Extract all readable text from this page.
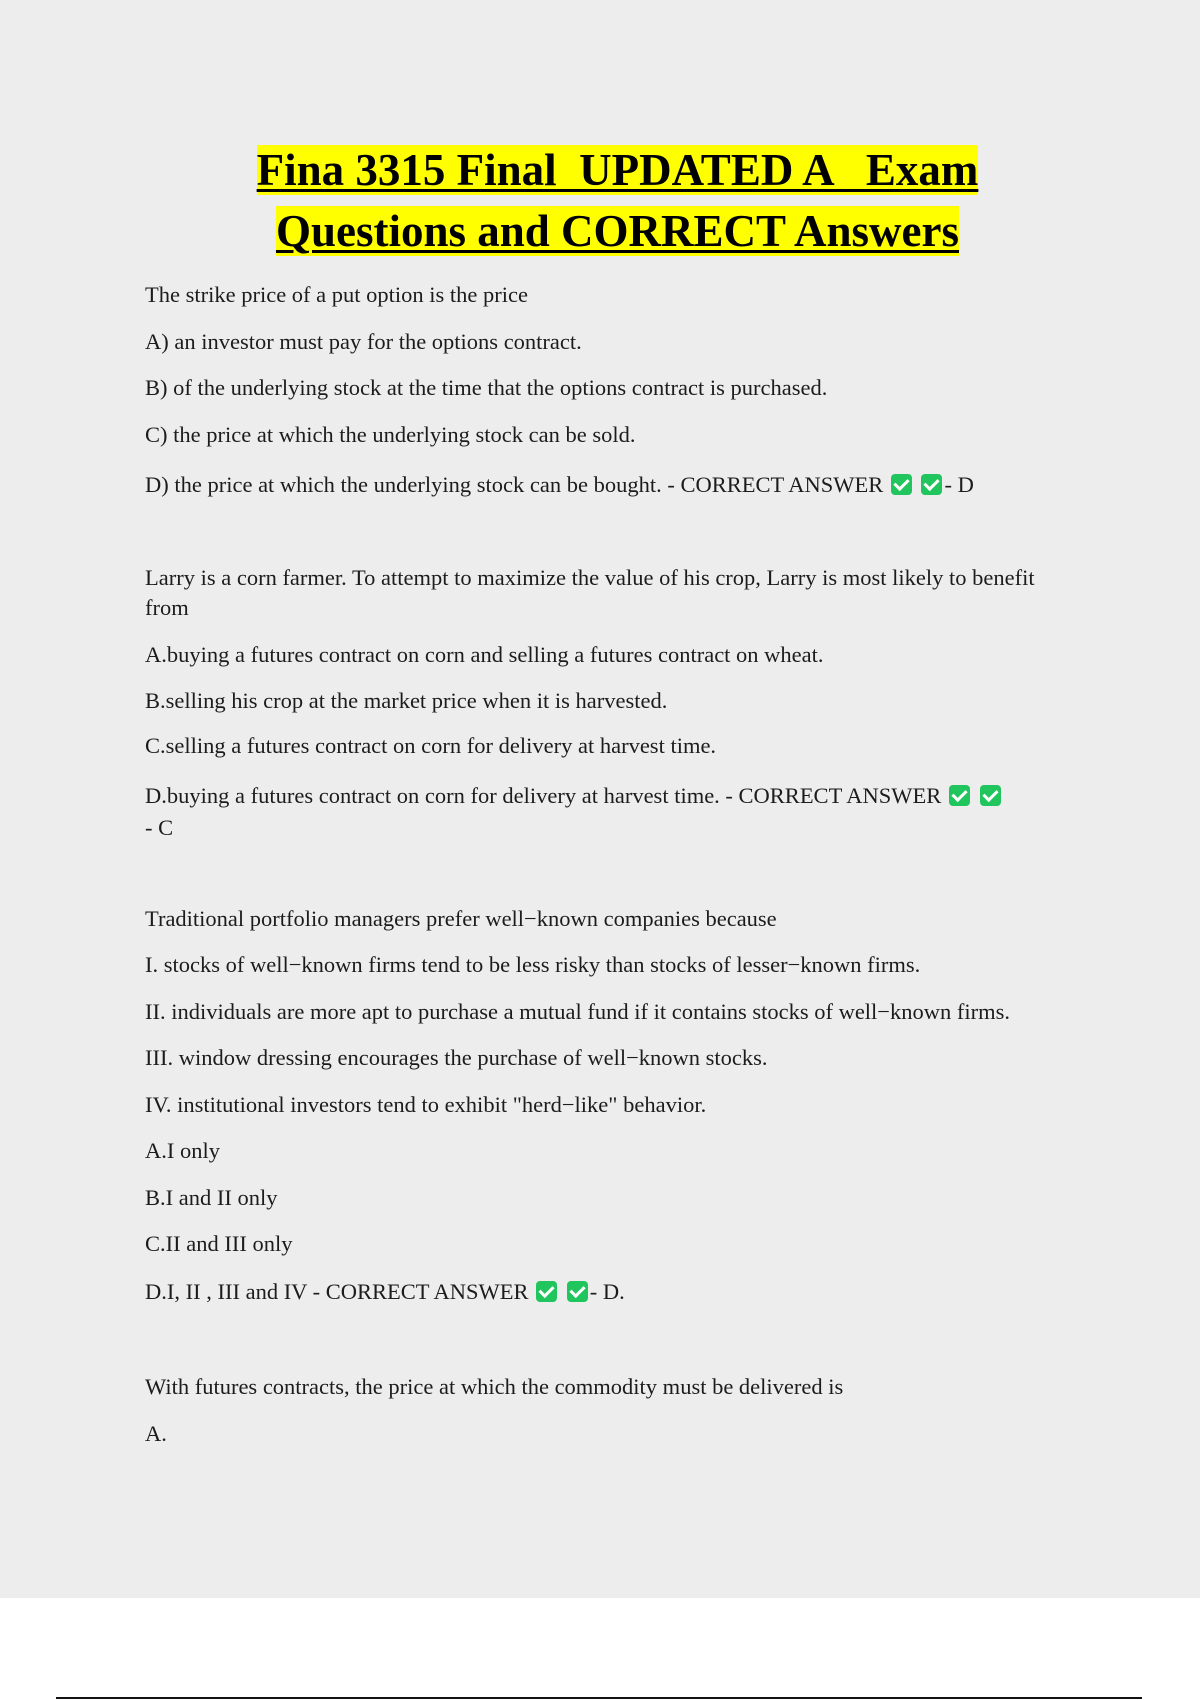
Fina 3315 Final  UPDATED A   Exam
Questions and CORRECT Answers
The strike price of a put option is the price
A) an investor must pay for the options contract.
B) of the underlying stock at the time that the options contract is purchased.
C) the price at which the underlying stock can be sold.
D) the price at which the underlying stock can be bought. - CORRECT ANSWER	- D
Larry is a corn farmer. To attempt to maximize the value of his crop, Larry is most likely to benefit from
A.buying a futures contract on corn and selling a futures contract on wheat.
B.selling his crop at the market price when it is harvested.
C.selling a futures contract on corn for delivery at harvest time.
D.buying a futures contract on corn for delivery at harvest time. - CORRECT ANSWER
- C
Traditional portfolio managers prefer well−known companies because
I. stocks of well−known firms tend to be less risky than stocks of lesser−known firms.
II. individuals are more apt to purchase a mutual fund if it contains stocks of well−known firms.
III. window dressing encourages the purchase of well−known stocks.
IV. institutional investors tend to exhibit "herd−like" behavior.
A.I only
B.I and II only
C.II and III only
D.I, II , III and IV - CORRECT ANSWER	- D.
With futures contracts, the price at which the commodity must be delivered is
A.
